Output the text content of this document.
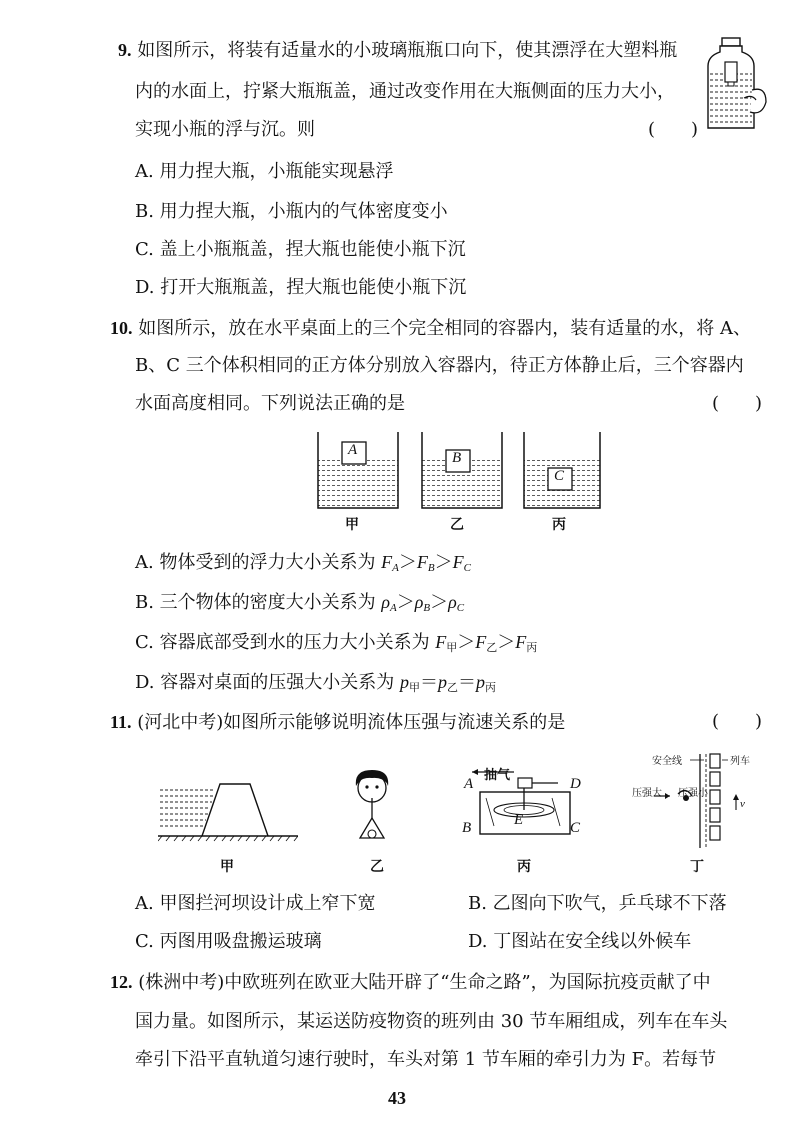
9. 如图所示，将装有适量水的小玻璃瓶瓶口向下，使其漂浮在大塑料瓶
内的水面上，拧紧大瓶瓶盖，通过改变作用在大瓶侧面的压力大小，
实现小瓶的浮与沉。则	(　　)
A. 用力捏大瓶，小瓶能实现悬浮
B. 用力捏大瓶，小瓶内的气体密度变小
C. 盖上小瓶瓶盖，捏大瓶也能使小瓶下沉
D. 打开大瓶瓶盖，捏大瓶也能使小瓶下沉
10. 如图所示，放在水平桌面上的三个完全相同的容器内，装有适量的水，将 A、
B、C 三个体积相同的正方体分别放入容器内，待正方体静止后，三个容器内
水面高度相同。下列说法正确的是	(　　)
A	B
C
甲	乙	丙
A. 物体受到的浮力大小关系为 $F_A>F_B>F_C$
B. 三个物体的密度大小关系为 $\rho_A>\rho_B>\rho_C$
C. 容器底部受到水的压力大小关系为 $F_甲>F_乙>F_丙$
D. 容器对桌面的压强大小关系为 $p_甲=p_乙=p_丙$
11. (河北中考)如图所示能够说明流体压强与流速关系的是	(　　)
抽气
A	D
B	C
E
安全线	列车
压强大 压强小
v
甲	乙	丙	丁
A. 甲图拦河坝设计成上窄下宽	B. 乙图向下吹气，乒乓球不下落
C. 丙图用吸盘搬运玻璃	D. 丁图站在安全线以外候车
12. (株洲中考)中欧班列在欧亚大陆开辟了“生命之路”，为国际抗疫贡献了中
国力量。如图所示，某运送防疫物资的班列由 30 节车厢组成，列车在车头
牵引下沿平直轨道匀速行驶时，车头对第 1 节车厢的牵引力为 F。若每节
43
